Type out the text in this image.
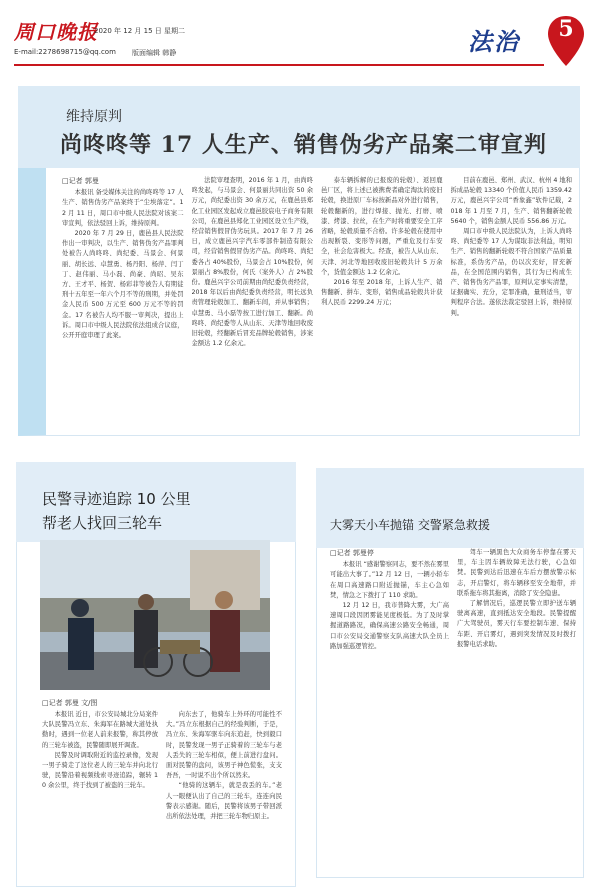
周口晚报
2020 年 12 月 15 日 星期二
E-mail:2278698715@qq.com 版面编辑 韩静	法治	5
维持原判
尚咚咚等 17 人生产、销售伪劣产品案二审宣判
□记者 郭曼

本报讯 备受媒体关注的尚咚咚等 17 人生产、销售伪劣产品案终于“尘埃落定”。12 月 11 日，周口市中级人民法院对该案二审宣判，依法驳回上诉，维持原判。

2020 年 7 月 29 日，鹿邑县人民法院作出一审判决，以生产、销售伪劣产品罪判处被告人尚咚咚、尚纪委、马景会、何景丽、胡长远、卓慧勇、杨丹阳、杨萍、闫丁丁、赵伟丽、马小磊、尚豪、尚昭、吴东方、王才平、杨贺、杨彩菲等被告人有期徒刑十五年至一年六个月不等的刑期，并处罚金人民币 500 万元至 600 万元不等的罚金。17 名被告人均不服一审判决，提出上诉。周口市中级人民法院依法组成合议庭，公开开庭审理了此案。

法院审理查明，2016 年 1 月，由尚咚咚发起，与马景会、何景丽共同出资 50 余万元，尚纪委出资 30 余万元，在鹿邑县郑化工业园区发起成立鹿邑胶宸电子商务有限公司，在鹿邑县郑化工业园区设立生产线，经营销售假冒伪劣玩具。2017 年 7 月 26 日，成立鹿邑兴宇汽车零部件制造有限公司，经营销售假冒伪劣产品。尚咚咚、尚纪委各占 40%股份，马景会占 10%股份，何景丽占 8%股份，何氏（案外人）占 2%股份。鹿邑兴宇公司前期由尚纪委负责经营，2018 年以后由尚纪委负责经营，明长远负责管理轮毂加工、翻新车间，并从事销售；卓慧勇、马小磊等按工进行加工、翻新。尚咚咚、尚纪委等人从山东、天津等地回收废旧轮毂，经翻新后冒充品牌轮毂销售，涉案金额达 1.2 亿余元。

泰车辆拆解的已报废的轮毂）、返回鹿邑厂区，将上述已被携费者确定淘汰的废旧轮毂，换进原厂车标按新品对外进行销售，轮毂翻新的，进行焊接、抛光、打磨、喷漆、烤漆、拉丝，在生产时将重要安全工序省略，轮毂质量不合格。许多轮毂在使用中出现断裂、变形等问题，严重危及行车安全，社会危害极大。经查，被告人从山东、天津、河北等地回收废旧轮毂共计 5 万余个，货值金额达 1.2 亿余元。

2016 年至 2018 年，上诉人生产、销售翻新、拼车、变形，销售成品轮毂共计获利人民币 2299.24 万元；

目前在鹿邑、郑州、武汉、杭州 4 地和拆成品轮毂 13340 个价值人民币 1359.42 万元，鹿邑兴宇公司“香象鑫”软件记载，2018 年 1 月至 7 月，生产、销售翻新轮毂 5640 个，销售金额人民币 556.86 万元。

周口市中级人民法院认为，上诉人尚咚咚、尚纪委等 17 人为谋取非法利益，明知生产、销售的翻新轮毂不符合国家产品质量标准，系伪劣产品，仍以次充好，冒充新品，在全国范围内销售，其行为已构成生产、销售伪劣产品罪，原判认定事实清楚，证据确实、充分，定罪准确，量刑适当，审判程序合法。遂依法裁定驳回上诉，维持原判。

民警寻迹追踪 10 公里
帮老人找回三轮车
□记者 郭曼 文/图

本报讯 近日，市公安局城北分局案件大队民警冯立东、朱海军在路城大道处执勤时，遇到一位老人前来报警，称其停放的三轮车被盗，民警随即展开调查。

民警及时调取附近的监控录像，发现一男子骑走了这位老人的三轮车并向北行驶，民警沿着视频线索寻迹追踪，辗转 10 余公里，终于找到了被盗的三轮车。

向东去了，他骑车上外环的可能性不大。”冯立东根据自己的经验判断，于是，冯立东、朱海军驱车向东追赶，快到毅口时，民警发现一男子正骑着的三轮车与老人丢失的三轮车相似，便上前进行盘问。面对民警的盘问，该男子神色慌张，支支吾吾，一时说不出个所以然来。

“他骑的这辆车，就是我丢的车。”老人一眼便认出了自己的三轮车，连连向民警表示感谢。随后，民警将该男子带回派出所依法处理，并把三轮车物归原主。

大雾天小车抛锚 交警紧急救援
□记者 郭曼停

本报讯 “感谢警察同志，要不然在雾里可能出大事了。”12 月 12 日，一辆小轿车在周口高速路口附近抛锚，车主心急如焚，情急之下拨打了 110 求助。

12 月 12 日，我市普降大雾，大广高速周口段因团雾能见度极低。为了及时掌握道路路况，确保高速公路安全畅通，周口市公安局交通警察支队高速大队全员上路加强巡逻管控。

驾车一辆黑色大众商务车停靠在雾天里，车主因车辆故障无法行驶，心急如焚。民警到达后迅速在车后方摆放警示标志，开启警灯，将车辆移至安全地带，并联系拖车将其拖离，消除了安全隐患。

了解情况后，巡逻民警立即护送车辆驶离高速，直到抵达安全地段。民警提醒广大驾驶员，雾天行车要控制车速、保持车距、开启雾灯，遇到突发情况及时拨打报警电话求助。
